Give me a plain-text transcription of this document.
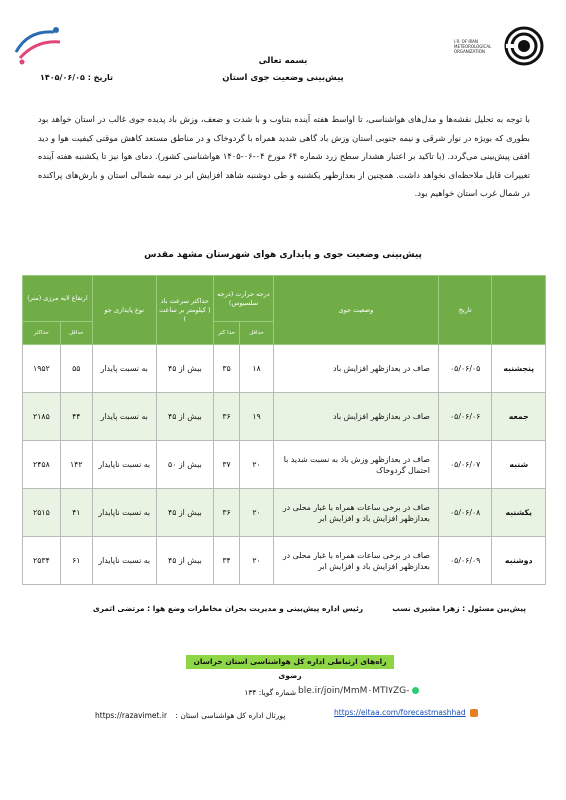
I.R. OF IRAN METEOROLOGICAL ORGANIZATION
بسمه تعالی
پیش‌بینی وضعیت جوی استان
تاریخ : ۱۴۰۵/۰۶/۰۵
با توجه به تحلیل نقشه‌ها و مدل‌های هواشناسی، تا اواسط هفته آینده بتناوب و با شدت و ضعف، وزش باد پدیده جوی غالب در استان خواهد بود بطوری که بویژه در نوار شرقی و نیمه جنوبی استان وزش باد گاهی شدید همراه با گردوخاک و در مناطق مستعد کاهش موقتی کیفیت هوا و دید افقی پیش‌بینی می‌گردد. (با تاکید بر اعتبار هشدار سطح زرد شماره ۶۴ مورخ ۰۴-۰۶-۱۴۰۵ هواشناسی کشور). دمای هوا نیز تا یکشنبه هفته آینده تغییرات قابل ملاحظه‌ای نخواهد داشت. همچنین از بعدازظهر یکشنبه و طی دوشنبه شاهد افزایش ابر در نیمه شمالی استان و بارش‌های پراکنده در شمال غرب استان خواهیم بود.
پیش‌بینی وضعیت جوی و پایداری هوای شهرستان مشهد مقدس
	تاریخ	وضعیت جوی	درجه حرارت (درجه سلسیوس)		حداکثر سرعت باد ( کیلومتر بر ساعت )	نوع پایداری جو	ارتفاع لایه مرزی (متر)	
			حداقل	حدا کثر			حداقل	حداکثر
پنجشنبه	۰۵/۰۶/۰۵	صاف در بعدازظهر افزایش باد	۱۸	۳۵	بیش از ۴۵	به نسبت پایدار	۵۵	۱۹۵۲
جمعه	۰۵/۰۶/۰۶	صاف در بعدازظهر افزایش باد	۱۹	۳۶	بیش از ۴۵	به نسبت پایدار	۴۴	۲۱۸۵
شنبه	۰۵/۰۶/۰۷	صاف در بعدازظهر وزش باد به نسبت شدید با احتمال گردوخاک	۲۰	۳۷	بیش از ۵۰	به نسبت ناپایدار	۱۴۲	۲۴۵۸
یکشنبه	۰۵/۰۶/۰۸	صاف در برخی ساعات همراه با غبار محلی در بعدازظهر افزایش باد و افزایش ابر	۲۰	۳۶	بیش از ۴۵	به نسبت ناپایدار	۴۱	۲۵۱۵
دوشنبه	۰۵/۰۶/۰۹	صاف در برخی ساعات همراه با غبار محلی در بعدازظهر افزایش باد و افزایش ابر	۲۰	۳۴	بیش از ۴۵	به نسبت ناپایدار	۶۱	۲۵۳۴
پیش‌بین مسئول : زهرا مشیری نسب
رئیس اداره پیش‌بینی و مدیریت بحران مخاطرات وضع هوا : مرتضی اثمری
راه‌های ارتباطی اداره کل هواشناسی استان خراسان رضوی
شماره گویا: ۱۳۴ ble.ir/join/MmM۰MTI۷ZG-
پورتال اداره کل هواشناسی استان : https://razavimet.ir	https://eitaa.com/forecastmashhad
